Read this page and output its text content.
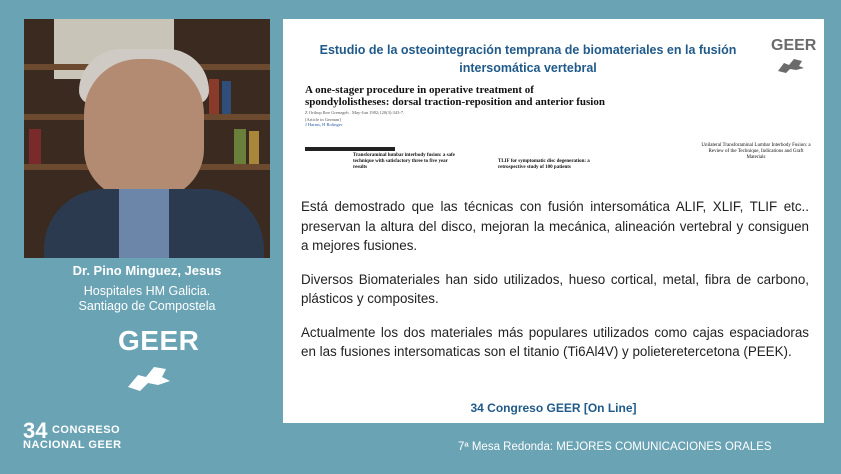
Dr. Pino Minguez, Jesus
Hospitales HM Galicia.
Santiago de Compostela
GEER
34 CONGRESO
NACIONAL GEER	7ª Mesa Redonda: MEJORES COMUNICACIONES ORALES
Estudio de la osteointegración temprana de biomateriales en la fusión
intersomática vertebral
GEER
A one-stager procedure in operative treatment of spondylolistheses: dorsal traction-reposition and anterior fusion
Z Orthop Ihre Grenzgeb . May-Jun 1982;120(3):343-7.
[Article in German]
J Harms, H Rolinger
Transforaminal lumbar interbody fusion: a safe technique with satisfactory three to five year results
TLIF for symptomatic disc degeneration: a retrospective study of 100 patients
Unilateral Transforaminal Lumbar Interbody Fusion: a Review of the Technique, Indications and Graft Materials

Está demostrado que las técnicas con fusión intersomática ALIF, XLIF, TLIF etc.. preservan la altura del disco, mejoran la mecánica, alineación vertebral y consiguen a mejores fusiones.

Diversos Biomateriales han sido utilizados, hueso cortical, metal, fibra de carbono, plásticos y composites.

Actualmente los dos materiales más populares utilizados como cajas espaciadoras en las fusiones intersomaticas son el titanio (Ti6Al4V) y polieteretercetona (PEEK).

34 Congreso GEER [On Line]
